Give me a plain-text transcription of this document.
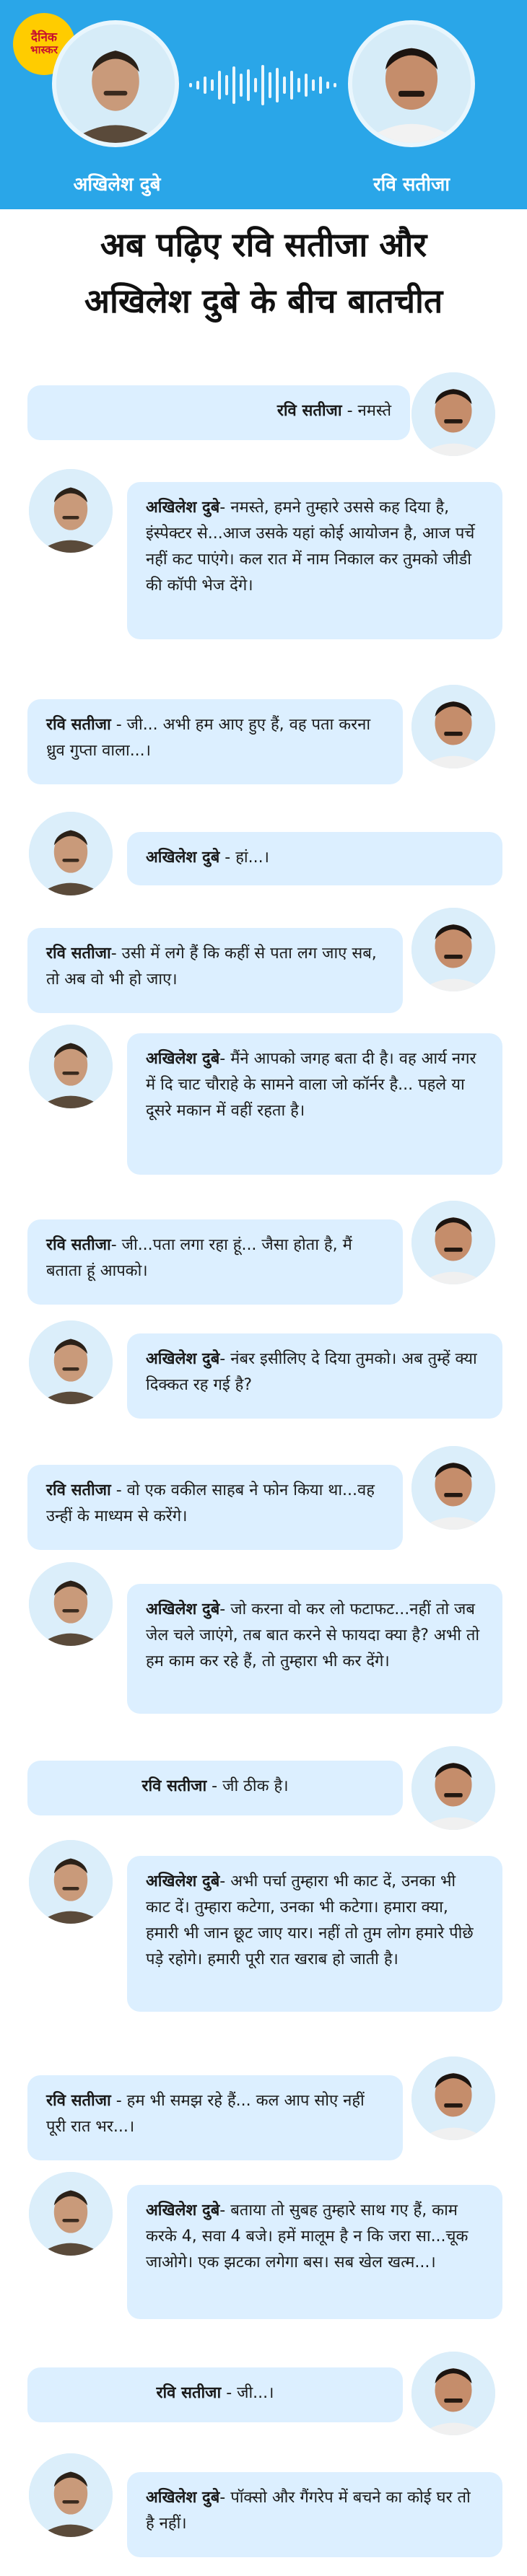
दैनिक
भास्कर
अखिलेश दुबे	रवि सतीजा
अब पढ़िए रवि सतीजा और
अखिलेश दुबे के बीच बातचीत
रवि सतीजा - नमस्ते
अखिलेश दुबे- नमस्ते, हमने तुम्हारे उससे कह दिया है, इंस्पेक्टर से...आज उसके यहां कोई आयोजन है, आज पर्चे नहीं कट पाएंगे। कल रात में नाम निकाल कर तुमको जीडी की कॉपी भेज देंगे।
रवि सतीजा - जी... अभी हम आए हुए हैं, वह पता करना ध्रुव गुप्ता वाला...।
अखिलेश दुबे - हां...।
रवि सतीजा- उसी में लगे हैं कि कहीं से पता लग जाए सब, तो अब वो भी हो जाए।
अखिलेश दुबे- मैंने आपको जगह बता दी है। वह आर्य नगर में दि चाट चौराहे के सामने वाला जो कॉर्नर है... पहले या दूसरे मकान में वहीं रहता है।
रवि सतीजा- जी...पता लगा रहा हूं... जैसा होता है, मैं बताता हूं आपको।
अखिलेश दुबे- नंबर इसीलिए दे दिया तुमको। अब तुम्हें क्या दिक्कत रह गई है?
रवि सतीजा - वो एक वकील साहब ने फोन किया था...वह उन्हीं के माध्यम से करेंगे।
अखिलेश दुबे- जो करना वो कर लो फटाफट...नहीं तो जब जेल चले जाएंगे, तब बात करने से फायदा क्या है? अभी तो हम काम कर रहे हैं, तो तुम्हारा भी कर देंगे।
रवि सतीजा - जी ठीक है।
अखिलेश दुबे- अभी पर्चा तुम्हारा भी काट दें, उनका भी काट दें। तुम्हारा कटेगा, उनका भी कटेगा। हमारा क्या, हमारी भी जान छूट जाए यार। नहीं तो तुम लोग हमारे पीछे पड़े रहोगे। हमारी पूरी रात खराब हो जाती है।
रवि सतीजा - हम भी समझ रहे हैं... कल आप सोए नहीं पूरी रात भर...।
अखिलेश दुबे- बताया तो सुबह तुम्हारे साथ गए हैं, काम करके 4, सवा 4 बजे। हमें मालूम है न कि जरा सा...चूक जाओगे। एक झटका लगेगा बस। सब खेल खत्म...।
रवि सतीजा - जी...।
अखिलेश दुबे- पॉक्सो और गैंगरेप में बचने का कोई घर तो है नहीं।
